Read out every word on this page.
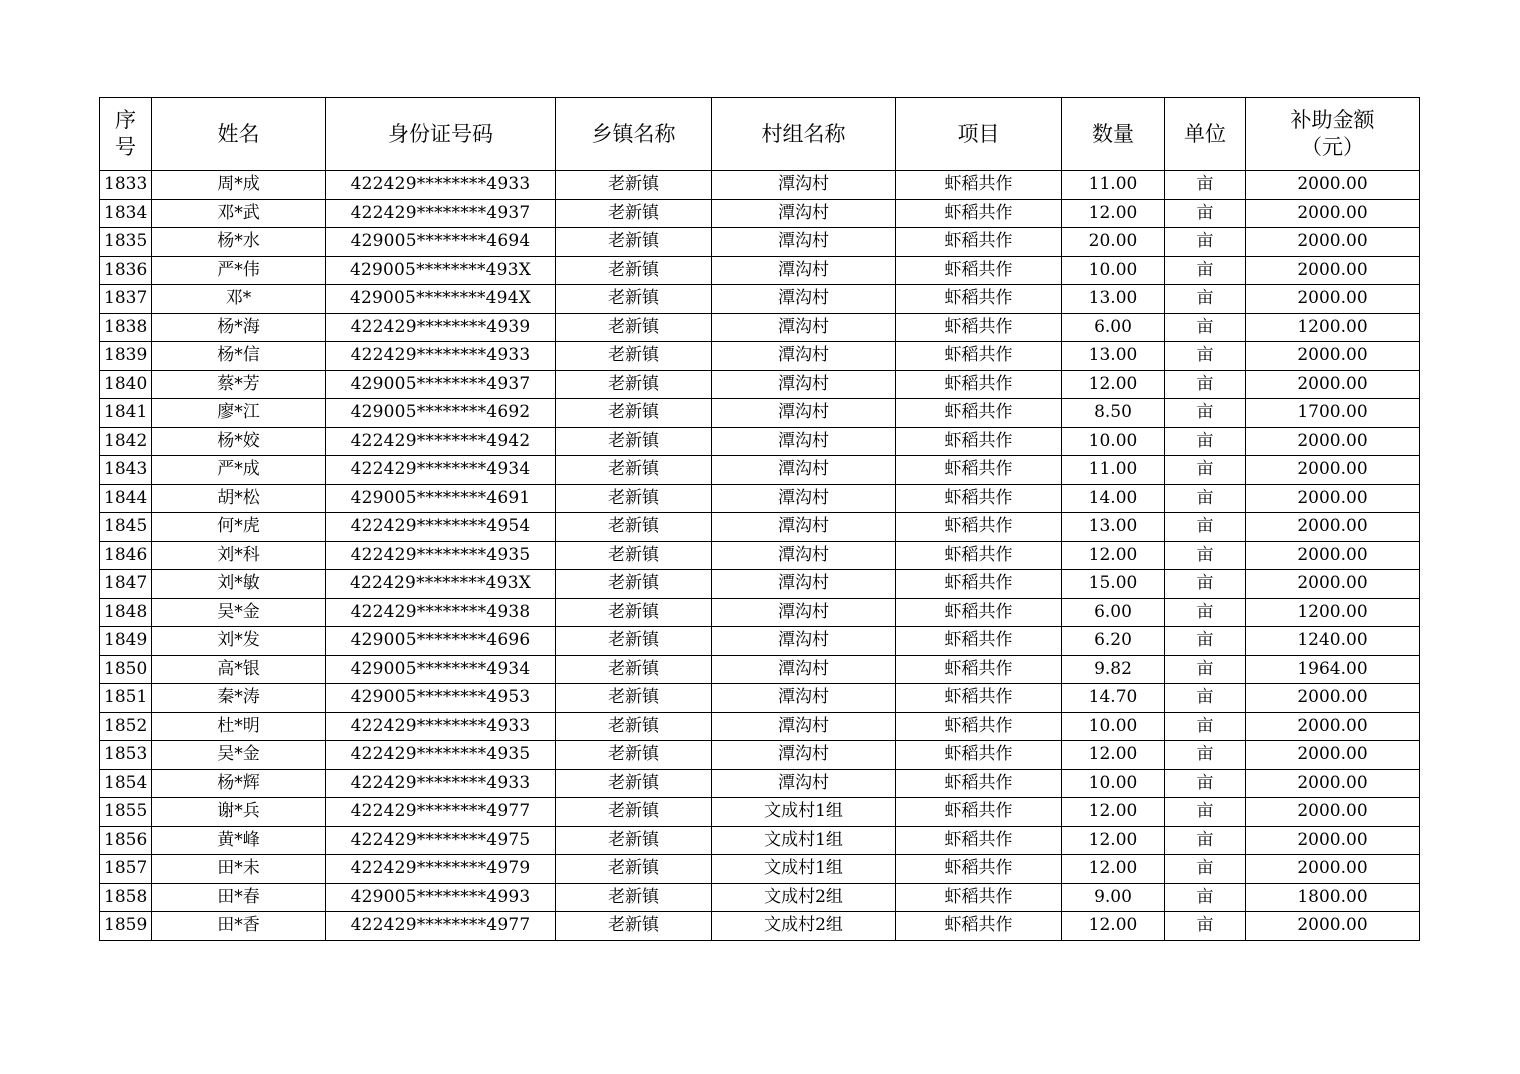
序
号	姓名	身份证号码	乡镇名称	村组名称	项目	数量	单位	补助金额
（元）
1833	周*成	422429********4933	老新镇	潭沟村	虾稻共作	11.00	亩	2000.00
1834	邓*武	422429********4937	老新镇	潭沟村	虾稻共作	12.00	亩	2000.00
1835	杨*水	429005********4694	老新镇	潭沟村	虾稻共作	20.00	亩	2000.00
1836	严*伟	429005********493X	老新镇	潭沟村	虾稻共作	10.00	亩	2000.00
1837	邓*	429005********494X	老新镇	潭沟村	虾稻共作	13.00	亩	2000.00
1838	杨*海	422429********4939	老新镇	潭沟村	虾稻共作	6.00	亩	1200.00
1839	杨*信	422429********4933	老新镇	潭沟村	虾稻共作	13.00	亩	2000.00
1840	蔡*芳	429005********4937	老新镇	潭沟村	虾稻共作	12.00	亩	2000.00
1841	廖*江	429005********4692	老新镇	潭沟村	虾稻共作	8.50	亩	1700.00
1842	杨*姣	422429********4942	老新镇	潭沟村	虾稻共作	10.00	亩	2000.00
1843	严*成	422429********4934	老新镇	潭沟村	虾稻共作	11.00	亩	2000.00
1844	胡*松	429005********4691	老新镇	潭沟村	虾稻共作	14.00	亩	2000.00
1845	何*虎	422429********4954	老新镇	潭沟村	虾稻共作	13.00	亩	2000.00
1846	刘*科	422429********4935	老新镇	潭沟村	虾稻共作	12.00	亩	2000.00
1847	刘*敏	422429********493X	老新镇	潭沟村	虾稻共作	15.00	亩	2000.00
1848	吴*金	422429********4938	老新镇	潭沟村	虾稻共作	6.00	亩	1200.00
1849	刘*发	429005********4696	老新镇	潭沟村	虾稻共作	6.20	亩	1240.00
1850	高*银	429005********4934	老新镇	潭沟村	虾稻共作	9.82	亩	1964.00
1851	秦*涛	429005********4953	老新镇	潭沟村	虾稻共作	14.70	亩	2000.00
1852	杜*明	422429********4933	老新镇	潭沟村	虾稻共作	10.00	亩	2000.00
1853	吴*金	422429********4935	老新镇	潭沟村	虾稻共作	12.00	亩	2000.00
1854	杨*辉	422429********4933	老新镇	潭沟村	虾稻共作	10.00	亩	2000.00
1855	谢*兵	422429********4977	老新镇	文成村1组	虾稻共作	12.00	亩	2000.00
1856	黄*峰	422429********4975	老新镇	文成村1组	虾稻共作	12.00	亩	2000.00
1857	田*未	422429********4979	老新镇	文成村1组	虾稻共作	12.00	亩	2000.00
1858	田*春	429005********4993	老新镇	文成村2组	虾稻共作	9.00	亩	1800.00
1859	田*香	422429********4977	老新镇	文成村2组	虾稻共作	12.00	亩	2000.00
